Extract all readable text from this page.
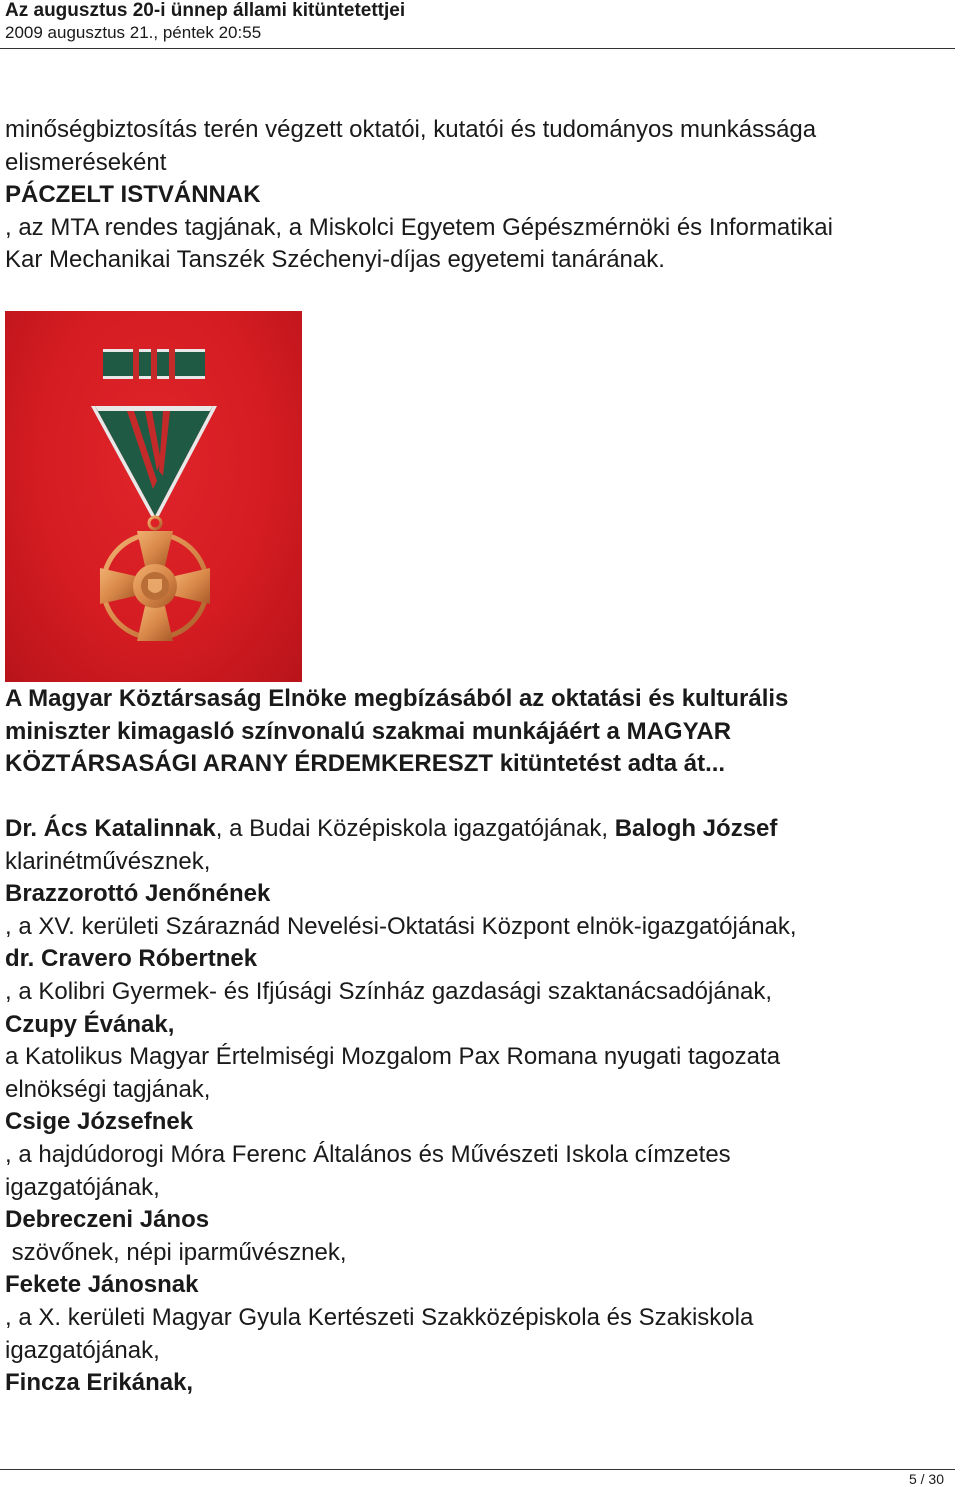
Az augusztus 20-i ünnep állami kitüntetettjei
2009 augusztus 21., péntek 20:55

minőségbiztosítás terén végzett oktatói, kutatói és tudományos munkássága

elismeréseként

PÁCZELT ISTVÁNNAK

, az MTA rendes tagjának, a Miskolci Egyetem Gépészmérnöki és Informatikai

Kar Mechanikai Tanszék Széchenyi-díjas egyetemi tanárának.

A Magyar Köztársaság Elnöke megbízásából az oktatási és kulturális
miniszter kimagasló színvonalú szakmai munkájáért a MAGYAR
KÖZTÁRSASÁGI ARANY ÉRDEMKERESZT kitüntetést adta át...

Dr. Ács Katalinnak, a Budai Középiskola igazgatójának, Balogh József

klarinétművésznek,

Brazzorottó Jenőnének

, a XV. kerületi Száraznád Nevelési-Oktatási Központ elnök-igazgatójának,

dr. Cravero Róbertnek

, a Kolibri Gyermek- és Ifjúsági Színház gazdasági szaktanácsadójának,

Czupy Évának,

a Katolikus Magyar Értelmiségi Mozgalom Pax Romana nyugati tagozata

elnökségi tagjának,

Csige Józsefnek

, a hajdúdorogi Móra Ferenc Általános és Művészeti Iskola címzetes

igazgatójának,

Debreczeni János

szövőnek, népi iparművésznek,

Fekete Jánosnak

, a X. kerületi Magyar Gyula Kertészeti Szakközépiskola és Szakiskola

igazgatójának,

Fincza Erikának,

5 / 30
